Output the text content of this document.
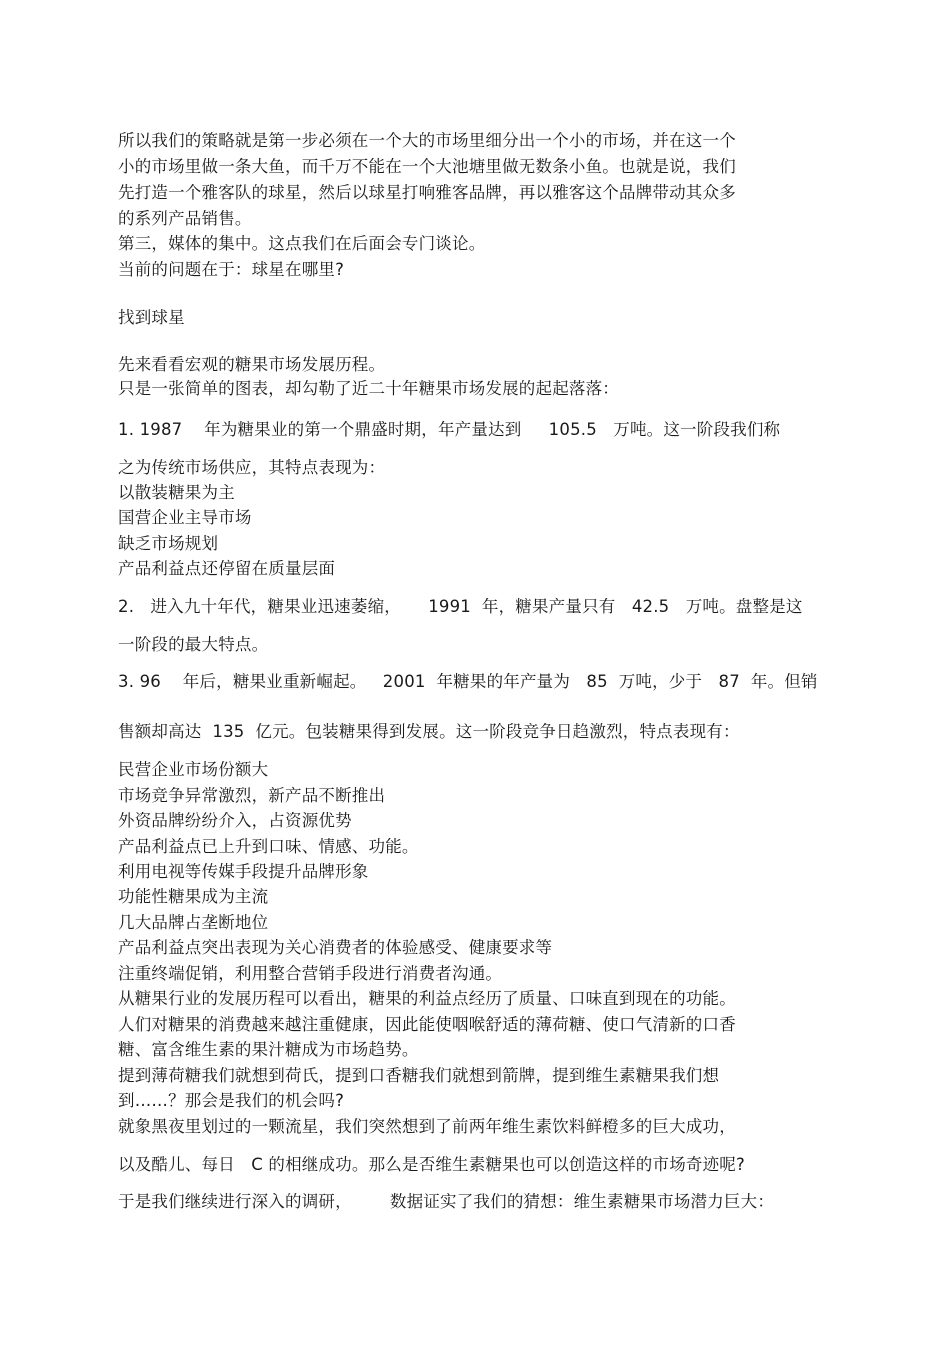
所以我们的策略就是第一步必须在一个大的市场里细分出一个小的市场，并在这一个
小的市场里做一条大鱼，而千万不能在一个大池塘里做无数条小鱼。也就是说，我们
先打造一个雅客队的球星，然后以球星打响雅客品牌，再以雅客这个品牌带动其众多
的系列产品销售。
第三，媒体的集中。这点我们在后面会专门谈论。
当前的问题在于：球星在哪里?
找到球星
先来看看宏观的糖果市场发展历程。
只是一张简单的图表，却勾勒了近二十年糖果市场发展的起起落落：
1. 1987    年为糖果业的第一个鼎盛时期，年产量达到     105.5   万吨。这一阶段我们称
之为传统市场供应，其特点表现为：
以散装糖果为主
国营企业主导市场
缺乏市场规划
产品利益点还停留在质量层面
2.   进入九十年代，糖果业迅速萎缩，     1991  年，糖果产量只有   42.5   万吨。盘整是这
一阶段的最大特点。
3. 96    年后，糖果业重新崛起。   2001  年糖果的年产量为   85  万吨，少于   87  年。但销
售额却高达  135  亿元。包装糖果得到发展。这一阶段竞争日趋激烈，特点表现有：
民营企业市场份额大
市场竞争异常激烈，新产品不断推出
外资品牌纷纷介入，占资源优势
产品利益点已上升到口味、情感、功能。
利用电视等传媒手段提升品牌形象
功能性糖果成为主流
几大品牌占垄断地位
产品利益点突出表现为关心消费者的体验感受、健康要求等
注重终端促销，利用整合营销手段进行消费者沟通。
从糖果行业的发展历程可以看出，糖果的利益点经历了质量、口味直到现在的功能。
人们对糖果的消费越来越注重健康，因此能使咽喉舒适的薄荷糖、使口气清新的口香
糖、富含维生素的果汁糖成为市场趋势。
提到薄荷糖我们就想到荷氏，提到口香糖我们就想到箭牌，提到维生素糖果我们想
到……？那会是我们的机会吗?
就象黑夜里划过的一颗流星，我们突然想到了前两年维生素饮料鲜橙多的巨大成功，
以及酷儿、每日   C 的相继成功。那么是否维生素糖果也可以创造这样的市场奇迹呢?
于是我们继续进行深入的调研，       数据证实了我们的猜想：维生素糖果市场潜力巨大：
